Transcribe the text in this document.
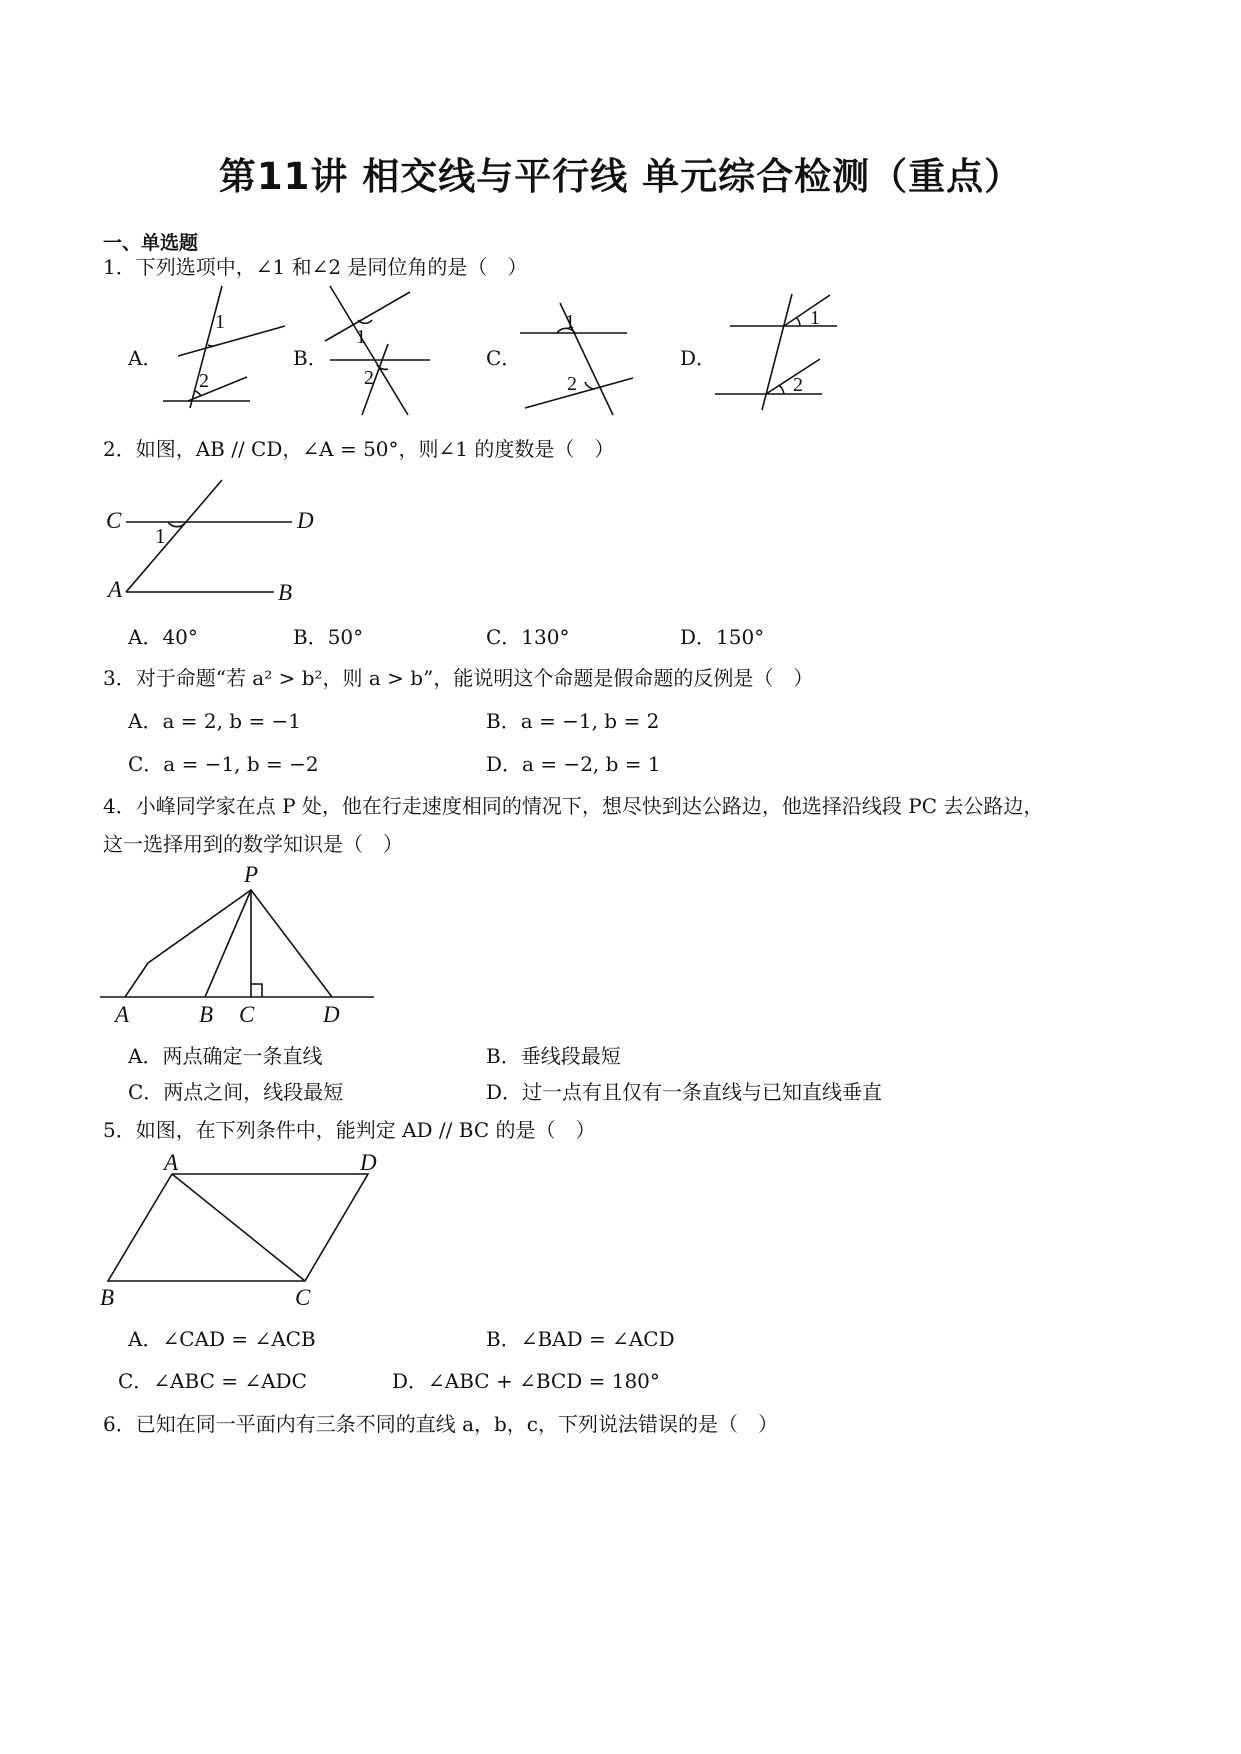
第11讲 相交线与平行线 单元综合检测（重点）
一、单选题
1．下列选项中，∠1 和∠2 是同位角的是（　）
A．
1
2
B．
1
2
C．
1
2
D．
1
2
2．如图，AB // CD，∠A = 50°，则∠1 的度数是（　）
C	D
A	B
1
A．40°	B．50°	C．130°	D．150°
3．对于命题“若 a² > b²，则 a > b”，能说明这个命题是假命题的反例是（　）
A．a = 2, b = −1	B．a = −1, b = 2
C．a = −1, b = −2	D．a = −2, b = 1
4．小峰同学家在点 P 处，他在行走速度相同的情况下，想尽快到达公路边，他选择沿线段 PC 去公路边，
这一选择用到的数学知识是（　）
P
A	B C	D
A．两点确定一条直线	B．垂线段最短
C．两点之间，线段最短	D．过一点有且仅有一条直线与已知直线垂直
5．如图，在下列条件中，能判定 AD // BC 的是（　）
A	D
B	C
A．∠CAD = ∠ACB	B．∠BAD = ∠ACD
C．∠ABC = ∠ADC	D．∠ABC + ∠BCD = 180°
6．已知在同一平面内有三条不同的直线 a，b，c，下列说法错误的是（　）
